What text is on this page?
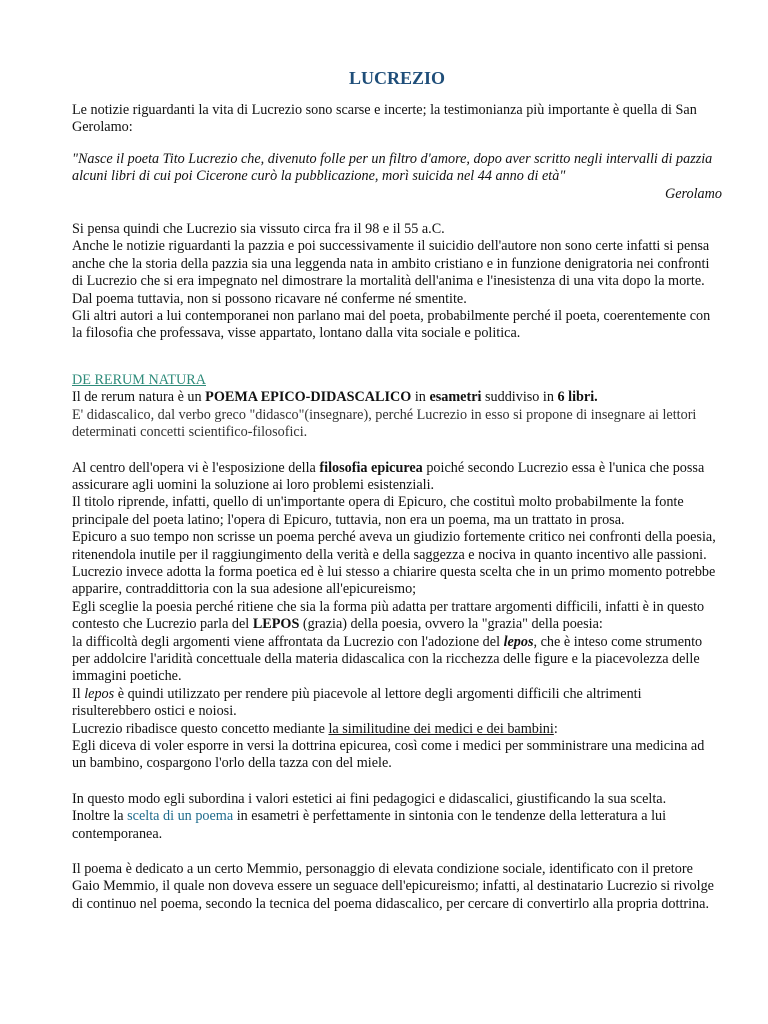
LUCREZIO

Le notizie riguardanti la vita di Lucrezio sono scarse e incerte; la testimonianza più importante è quella di San Gerolamo:

"Nasce il poeta Tito Lucrezio che, divenuto folle per un filtro d'amore, dopo aver scritto negli intervalli di pazzia alcuni libri di cui poi Cicerone curò la pubblicazione, morì suicida nel 44 anno di età"

Gerolamo

Si pensa quindi che Lucrezio sia vissuto circa fra il 98 e il 55 a.C.

Anche le notizie riguardanti la pazzia e poi successivamente il suicidio dell'autore non sono certe infatti si pensa anche che la storia della pazzia sia una leggenda nata in ambito cristiano e in funzione denigratoria nei confronti di Lucrezio che si era impegnato nel dimostrare la mortalità dell'anima e l'inesistenza di una vita dopo la morte.

Dal poema tuttavia, non si possono ricavare né conferme né smentite.

Gli altri autori a lui contemporanei non parlano mai del poeta, probabilmente perché il poeta, coerentemente con la filosofia che professava, visse appartato, lontano dalla vita sociale e politica.

DE RERUM NATURA

Il de rerum natura è un POEMA EPICO-DIDASCALICO in esametri suddiviso in 6 libri.

E' didascalico, dal verbo greco "didasco"(insegnare), perché Lucrezio in esso si propone di insegnare ai lettori determinati concetti scientifico-filosofici.

Al centro dell'opera vi è l'esposizione della filosofia epicurea poiché secondo Lucrezio essa è l'unica che possa assicurare agli uomini la soluzione ai loro problemi esistenziali.

Il titolo riprende, infatti, quello di un'importante opera di Epicuro, che costituì molto probabilmente la fonte principale del poeta latino; l'opera di Epicuro, tuttavia, non era un poema, ma un trattato in prosa.

Epicuro a suo tempo non scrisse un poema perché aveva un giudizio fortemente critico nei confronti della poesia, ritenendola inutile per il raggiungimento della verità e della saggezza e nociva in quanto incentivo alle passioni.

Lucrezio invece adotta la forma poetica ed è lui stesso a chiarire questa scelta che in un primo momento potrebbe apparire, contraddittoria con la sua adesione all'epicureismo;

Egli sceglie la poesia perché ritiene che sia la forma più adatta per trattare argomenti difficili, infatti è in questo contesto che Lucrezio parla del LEPOS (grazia) della poesia, ovvero la "grazia" della poesia:

la difficoltà degli argomenti viene affrontata da Lucrezio con l'adozione del lepos, che è inteso come strumento per addolcire l'aridità concettuale della materia didascalica con la ricchezza delle figure e la piacevolezza delle immagini poetiche.

Il lepos è quindi utilizzato per rendere più piacevole al lettore degli argomenti difficili che altrimenti risulterebbero ostici e noiosi.

Lucrezio ribadisce questo concetto mediante la similitudine dei medici e dei bambini:

Egli diceva di voler esporre in versi la dottrina epicurea, così come i medici per somministrare una medicina ad un bambino, cospargono l'orlo della tazza con del miele.

In questo modo egli subordina i valori estetici ai fini pedagogici e didascalici, giustificando la sua scelta.

Inoltre la scelta di un poema in esametri è perfettamente in sintonia con le tendenze della letteratura a lui contemporanea.

Il poema è dedicato a un certo Memmio, personaggio di elevata condizione sociale, identificato con il pretore Gaio Memmio, il quale non doveva essere un seguace dell'epicureismo; infatti, al destinatario Lucrezio si rivolge di continuo nel poema, secondo la tecnica del poema didascalico, per cercare di convertirlo alla propria dottrina.
